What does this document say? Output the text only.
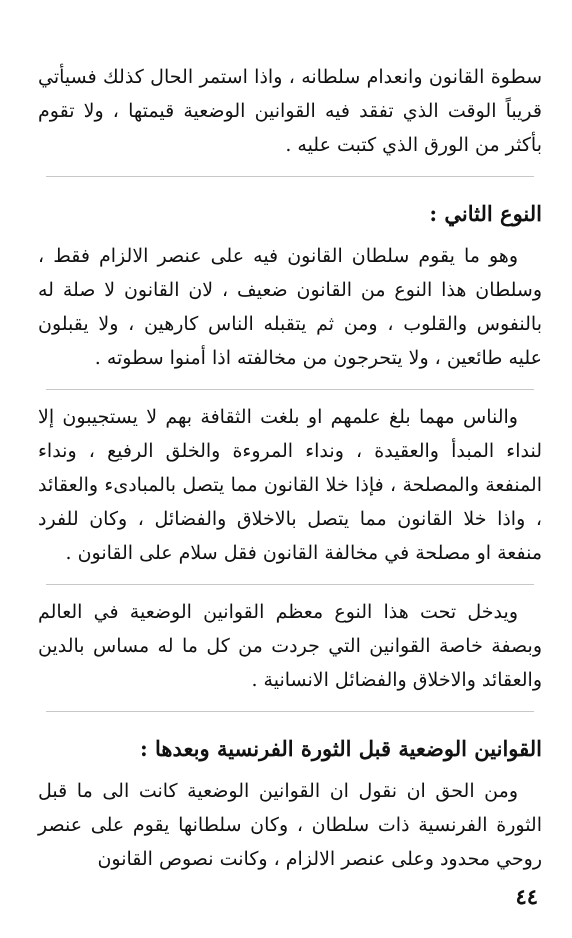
سطوة القانون وانعدام سلطانه ، واذا استمر الحال كذلك فسيأتي قريباً الوقت الذي تفقد فيه القوانين الوضعية قيمتها ، ولا تقوم بأكثر من الورق الذي كتبت عليه .

النوع الثاني :

وهو ما يقوم سلطان القانون فيه على عنصر الالزام فقط ، وسلطان هذا النوع من القانون ضعيف ، لان القانون لا صلة له بالنفوس والقلوب ، ومن ثم يتقبله الناس كارهين ، ولا يقبلون عليه طائعين ، ولا يتحرجون من مخالفته اذا أمنوا سطوته .

والناس مهما بلغ علمهم او بلغت الثقافة بهم لا يستجيبون إلا لنداء المبدأ والعقيدة ، ونداء المروءة والخلق الرفيع ، ونداء المنفعة والمصلحة ، فإذا خلا القانون مما يتصل بالمبادىء والعقائد ، واذا خلا القانون مما يتصل بالاخلاق والفضائل ، وكان للفرد منفعة او مصلحة في مخالفة القانون فقل سلام على القانون .

ويدخل تحت هذا النوع معظم القوانين الوضعية في العالم وبصفة خاصة القوانين التي جردت من كل ما له مساس بالدين والعقائد والاخلاق والفضائل الانسانية .

القوانين الوضعية قبل الثورة الفرنسية وبعدها :

ومن الحق ان نقول ان القوانين الوضعية كانت الى ما قبل الثورة الفرنسية ذات سلطان ، وكان سلطانها يقوم على عنصر روحي محدود وعلى عنصر الالزام ، وكانت نصوص القانون

٤٤
